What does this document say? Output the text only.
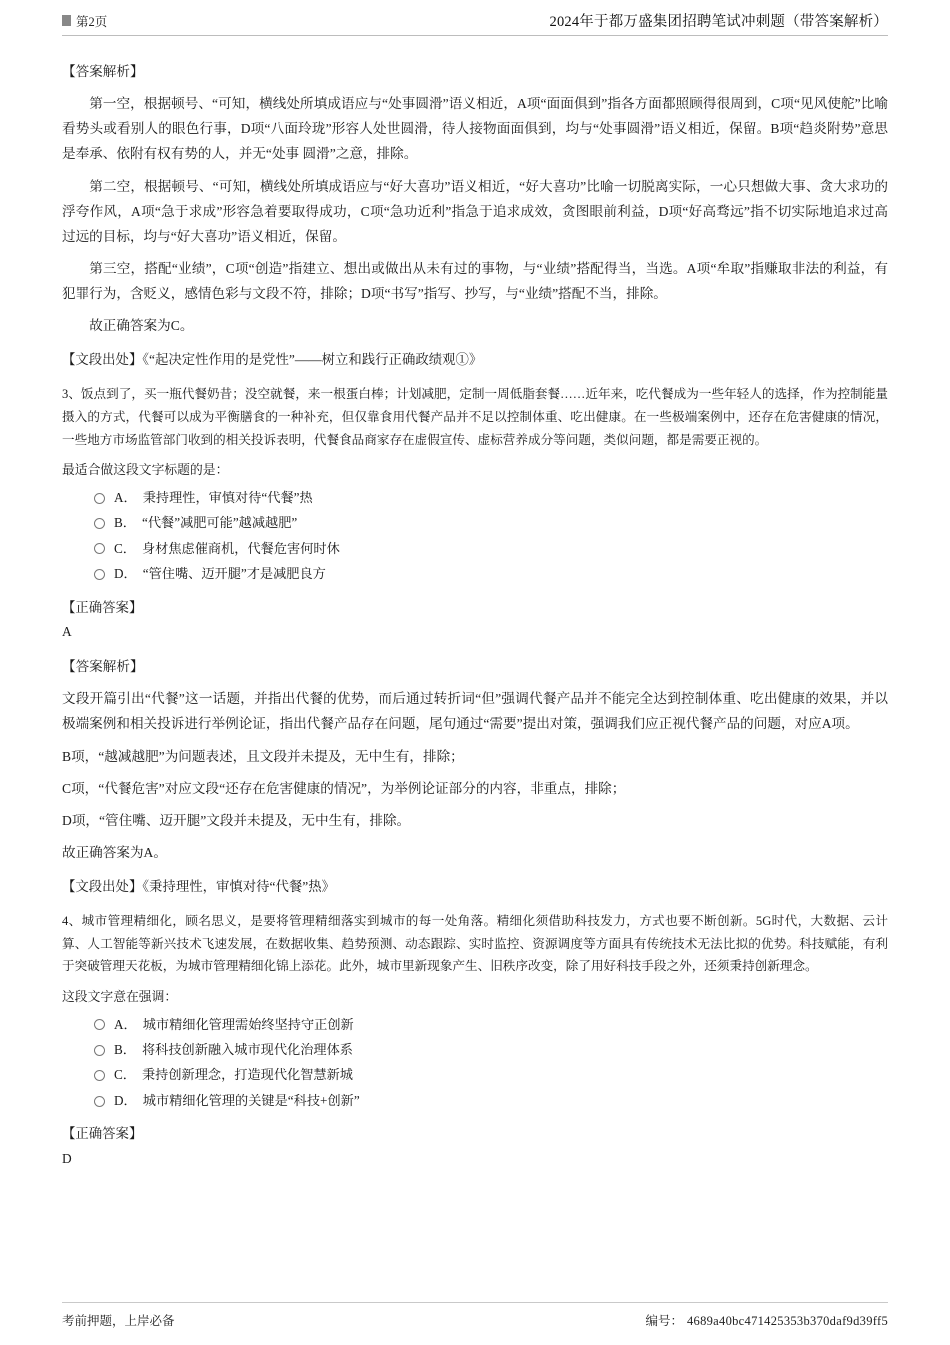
第2页	2024年于都万盛集团招聘笔试冲刺题（带答案解析）
【答案解析】

第一空，根据顿号、“可知，横线处所填成语应与“处事圆滑”语义相近，A项“面面俱到”指各方面都照顾得很周到，C项“见风使舵”比喻看势头或看别人的眼色行事，D项“八面玲珑”形容人处世圆滑，待人接物面面俱到，均与“处事圆滑”语义相近，保留。B项“趋炎附势”意思是奉承、依附有权有势的人，并无“处事 圆滑”之意，排除。

第二空，根据顿号、“可知，横线处所填成语应与“好大喜功”语义相近，“好大喜功”比喻一切脱离实际，一心只想做大事、贪大求功的浮夸作风，A项“急于求成”形容急着要取得成功，C项“急功近利”指急于追求成效，贪图眼前利益，D项“好高骛远”指不切实际地追求过高过远的目标，均与“好大喜功”语义相近，保留。

第三空，搭配“业绩”，C项“创造”指建立、想出或做出从未有过的事物，与“业绩”搭配得当，当选。A项“牟取”指赚取非法的利益，有犯罪行为，含贬义，感情色彩与文段不符，排除；D项“书写”指写、抄写，与“业绩”搭配不当，排除。

故正确答案为C。

【文段出处】《“起决定性作用的是党性”——树立和践行正确政绩观①》

3、饭点到了，买一瓶代餐奶昔；没空就餐，来一根蛋白棒；计划减肥，定制一周低脂套餐……近年来，吃代餐成为一些年轻人的选择，作为控制能量摄入的方式，代餐可以成为平衡膳食的一种补充，但仅靠食用代餐产品并不足以控制体重、吃出健康。在一些极端案例中，还存在危害健康的情况，一些地方市场监管部门收到的相关投诉表明，代餐食品商家存在虚假宣传、虚标营养成分等问题，类似问题，都是需要正视的。

最适合做这段文字标题的是：

A． 秉持理性，审慎对待“代餐”热
B． “代餐”减肥可能”越减越肥”
C． 身材焦虑催商机，代餐危害何时休
D． “管住嘴、迈开腿”才是减肥良方
【正确答案】
A
【答案解析】

文段开篇引出“代餐”这一话题，并指出代餐的优势，而后通过转折词“但”强调代餐产品并不能完全达到控制体重、吃出健康的效果，并以极端案例和相关投诉进行举例论证，指出代餐产品存在问题，尾句通过“需要”提出对策，强调我们应正视代餐产品的问题，对应A项。

B项，“越减越肥”为问题表述，且文段并未提及，无中生有，排除；

C项，“代餐危害”对应文段“还存在危害健康的情况”，为举例论证部分的内容，非重点，排除；

D项，“管住嘴、迈开腿”文段并未提及，无中生有，排除。

故正确答案为A。

【文段出处】《秉持理性，审慎对待“代餐”热》

4、城市管理精细化，顾名思义，是要将管理精细落实到城市的每一处角落。精细化须借助科技发力，方式也要不断创新。5G时代，大数据、云计算、人工智能等新兴技术飞速发展，在数据收集、趋势预测、动态跟踪、实时监控、资源调度等方面具有传统技术无法比拟的优势。科技赋能，有利于突破管理天花板，为城市管理精细化锦上添花。此外，城市里新现象产生、旧秩序改变，除了用好科技手段之外，还须秉持创新理念。

这段文字意在强调：

A． 城市精细化管理需始终坚持守正创新
B． 将科技创新融入城市现代化治理体系
C． 秉持创新理念，打造现代化智慧新城
D． 城市精细化管理的关键是“科技+创新”
【正确答案】
D
考前押题，上岸必备	编号： 4689a40bc471425353b370daf9d39ff5
